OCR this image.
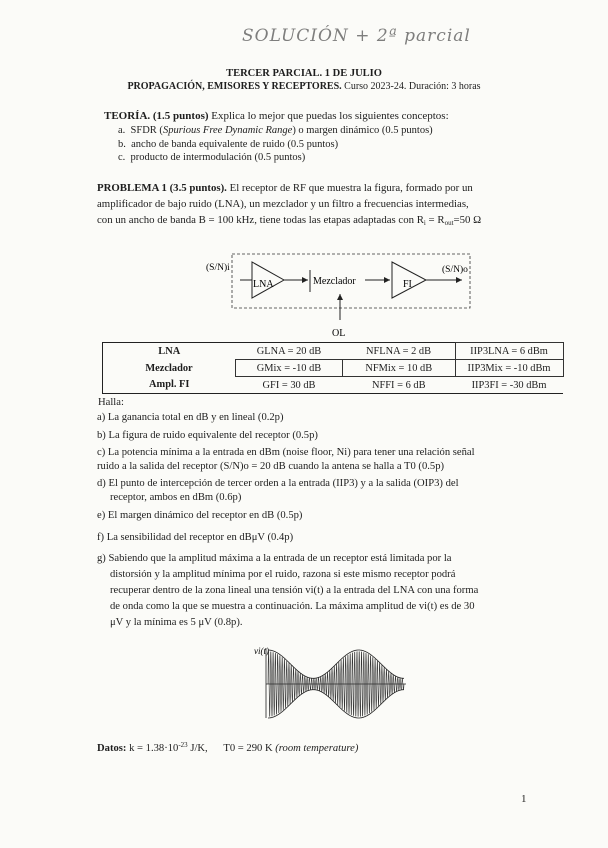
SOLUCIÓN + 2ª parcial
TERCER PARCIAL. 1 DE JULIO
PROPAGACIÓN, EMISORES Y RECEPTORES. Curso 2023-24. Duración: 3 horas
TEORÍA. (1.5 puntos) Explica lo mejor que puedas los siguientes conceptos:
a. SFDR (Spurious Free Dynamic Range) o margen dinámico (0.5 puntos)
b. ancho de banda equivalente de ruido (0.5 puntos)
c. producto de intermodulación (0.5 puntos)
PROBLEMA 1 (3.5 puntos). El receptor de RF que muestra la figura, formado por un
amplificador de bajo ruido (LNA), un mezclador y un filtro a frecuencias intermedias,
con un ancho de banda B = 100 kHz, tiene todas las etapas adaptadas con $R_i = R_{out}=50$ Ω
(S/N)i
LNA	Mezclador	FI
(S/N)o
OL
LNA	GLNA = 20 dB	NFLNA = 2 dB	IIP3LNA = 6 dBm
Mezclador	GMix = -10 dB	NFMix = 10 dB	IIP3Mix = -10 dBm
Ampl. FI	GFI = 30 dB	NFFI = 6 dB	IIP3FI = -30 dBm
Halla:
a) La ganancia total en dB y en lineal (0.2p)
b) La figura de ruido equivalente del receptor (0.5p)
c) La potencia mínima a la entrada en dBm (noise floor, Ni) para tener una relación señal
ruido a la salida del receptor (S/N)o = 20 dB cuando la antena se halla a T0 (0.5p)
d) El punto de intercepción de tercer orden a la entrada (IIP3) y a la salida (OIP3) del
receptor, ambos en dBm (0.6p)
e) El margen dinámico del receptor en dB (0.5p)
f) La sensibilidad del receptor en dBμV (0.4p)
g) Sabiendo que la amplitud máxima a la entrada de un receptor está limitada por la
distorsión y la amplitud mínima por el ruido, razona si este mismo receptor podrá
recuperar dentro de la zona lineal una tensión vi(t) a la entrada del LNA con una forma
de onda como la que se muestra a continuación. La máxima amplitud de vi(t) es de 30
μV y la mínima es 5 μV (0.8p).
vi(t)
Datos: $k = 1.38\cdot 10^{-23}$ J/K, T0 = 290 K (room temperature)
1
